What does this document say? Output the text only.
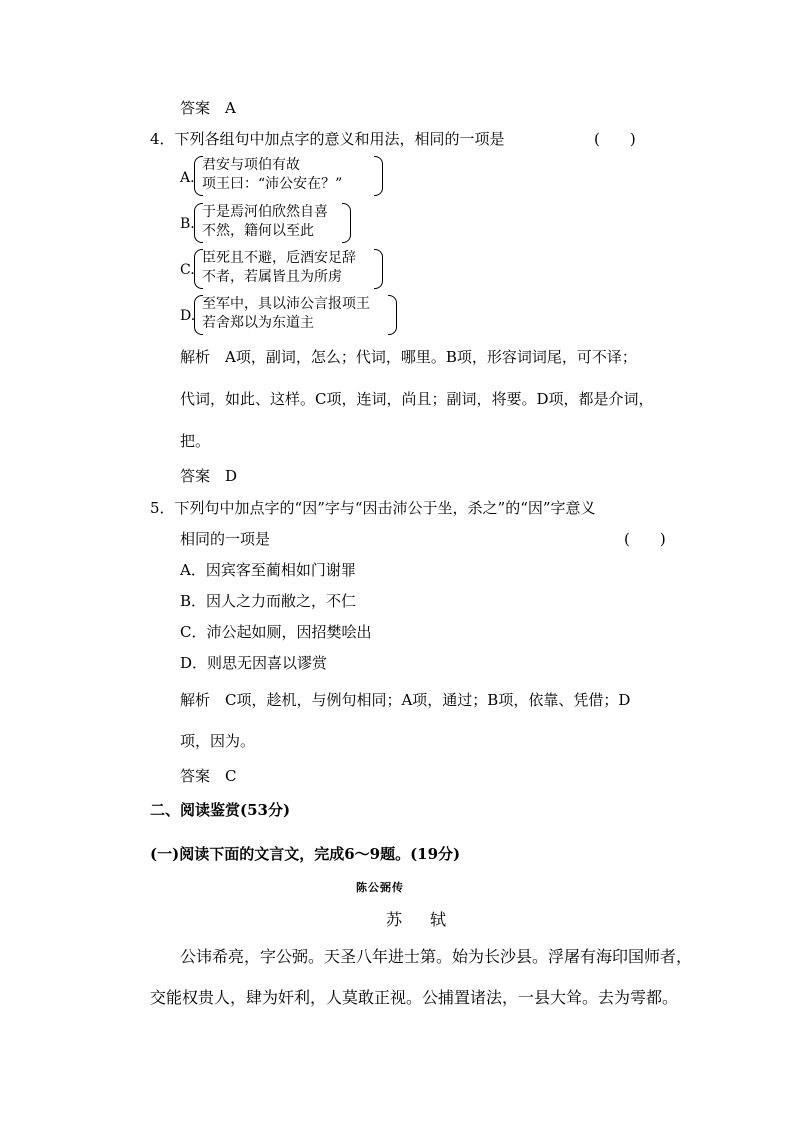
答案　A
4．下列各组句中加点字的意义和用法，相同的一项是	(　　)
A.
君安与项伯有故
项王曰：“沛公安在？”
B.
于是焉河伯欣然自喜
不然，籍何以至此
C.
臣死且不避，卮酒安足辞
不者，若属皆且为所虏
D.
至军中，具以沛公言报项王
若舍郑以为东道主
解析　A项，副词，怎么；代词，哪里。B项，形容词词尾，可不译；
代词，如此、这样。C项，连词，尚且；副词，将要。D项，都是介词，
把。
答案　D
5．下列句中加点字的“因”字与“因击沛公于坐，杀之”的“因”字意义
相同的一项是	(　　)
A．因宾客至蔺相如门谢罪
B．因人之力而敝之，不仁
C．沛公起如厕，因招樊哙出
D．则思无因喜以谬赏
解析　C项，趁机，与例句相同；A项，通过；B项，依靠、凭借；D
项，因为。
答案　C
二、阅读鉴赏(53分)
(一)阅读下面的文言文，完成6～9题。(19分)
陈公弼传
苏　轼
公讳希亮，字公弼。天圣八年进士第。始为长沙县。浮屠有海印国师者，
交能权贵人，肆为奸利，人莫敢正视。公捕置诸法，一县大耸。去为雩都。
